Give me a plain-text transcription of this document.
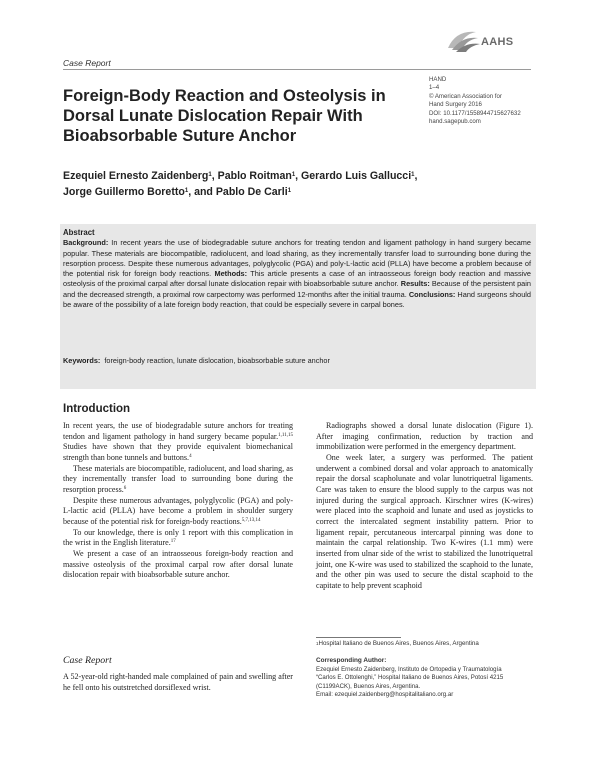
Case Report
AAHS
Foreign-Body Reaction and Osteolysis in Dorsal Lunate Dislocation Repair With Bioabsorbable Suture Anchor
HAND
1–4
© American Association for
Hand Surgery 2016
DOI: 10.1177/1558944715627632
hand.sagepub.com
Ezequiel Ernesto Zaidenberg$^1$, Pablo Roitman$^1$, Gerardo Luis Gallucci$^1$,
Jorge Guillermo Boretto$^1$, and Pablo De Carli$^1$
Abstract
Background: In recent years the use of biodegradable suture anchors for treating tendon and ligament pathology in hand surgery became popular. These materials are biocompatible, radiolucent, and load sharing, as they incrementally transfer load to surrounding bone during the resorption process. Despite these numerous advantages, polyglycolic (PGA) and poly-L-lactic acid (PLLA) have become a problem because of the potential risk for foreign body reactions. Methods: This article presents a case of an intraosseous foreign body reaction and massive osteolysis of the proximal carpal after dorsal lunate dislocation repair with bioabsorbable suture anchor. Results: Because of the persistent pain and the decreased strength, a proximal row carpectomy was performed 12-months after the initial trauma. Conclusions: Hand surgeons should be aware of the possibility of a late foreign body reaction, that could be especially severe in carpal bones.
Keywords: foreign-body reaction, lunate dislocation, bioabsorbable suture anchor
Introduction

In recent years, the use of biodegradable suture anchors for treating tendon and ligament pathology in hand surgery became popular.$^{1,11,15}$ Studies have shown that they provide equivalent biomechanical strength than bone tunnels and buttons.$^4$

These materials are biocompatible, radiolucent, and load sharing, as they incrementally transfer load to surrounding bone during the resorption process.$^6$

Despite these numerous advantages, polyglycolic (PGA) and poly-L-lactic acid (PLLA) have become a problem in shoulder surgery because of the potential risk for foreign-body reactions.$^{5,7,13,14}$

To our knowledge, there is only 1 report with this complication in the wrist in the English literature.$^{17}$

We present a case of an intraosseous foreign-body reaction and massive osteolysis of the proximal carpal row after dorsal lunate dislocation repair with bioabsorbable suture anchor.

Case Report

A 52-year-old right-handed male complained of pain and swelling after he fell onto his outstretched dorsiflexed wrist.

Radiographs showed a dorsal lunate dislocation (Figure 1). After imaging confirmation, reduction by traction and immobilization were performed in the emergency department.

One week later, a surgery was performed. The patient underwent a combined dorsal and volar approach to anatomically repair the dorsal scapholunate and volar lunotriquetral ligaments. Care was taken to ensure the blood supply to the carpus was not injured during the surgical approach. Kirschner wires (K-wires) were placed into the scaphoid and lunate and used as joysticks to correct the intercalated segment instability pattern. Prior to ligament repair, percutaneous intercarpal pinning was done to maintain the carpal relationship. Two K-wires (1.1 mm) were inserted from ulnar side of the wrist to stabilized the lunotriquetral joint, one K-wire was used to stabilized the scaphoid to the lunate, and the other pin was used to secure the distal scaphoid to the capitate to help prevent scaphoid

$^1$Hospital Italiano de Buenos Aires, Buenos Aires, Argentina
Corresponding Author:
Ezequiel Ernesto Zaidenberg, Instituto de Ortopedia y Traumatología
“Carlos E. Ottolenghi,” Hospital Italiano de Buenos Aires, Potosí 4215
(C1199ACK), Buenos Aires, Argentina.
Email: ezequiel.zaidenberg@hospitalitaliano.org.ar
